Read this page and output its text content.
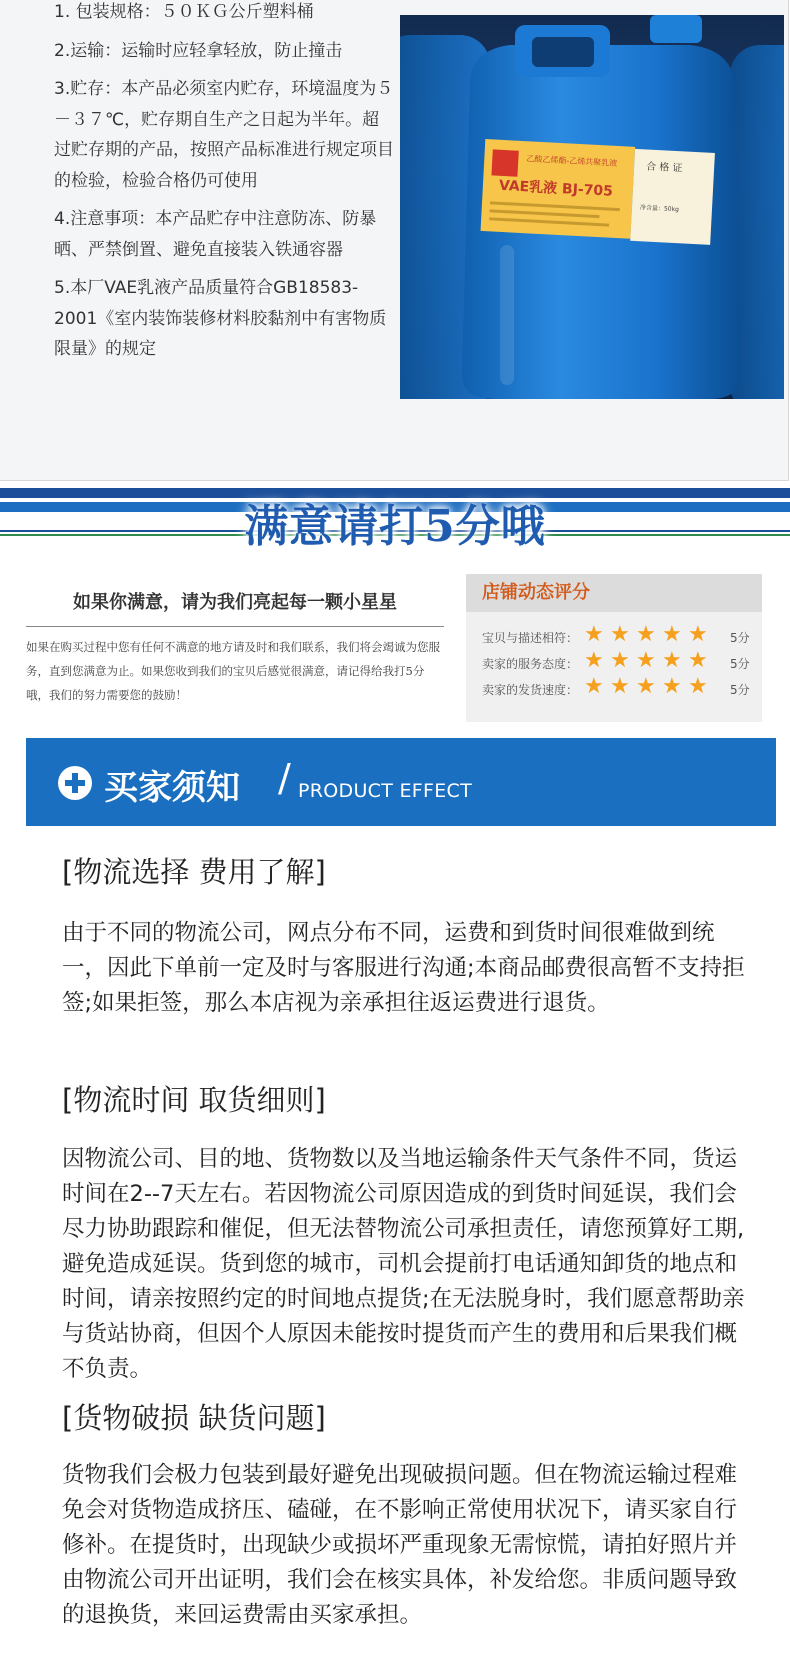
1. 包装规格：５０ＫＧ公斤塑料桶

2.运输：运输时应轻拿轻放，防止撞击

3.贮存：本产品必须室内贮存，环境温度为５－３７℃，贮存期自生产之日起为半年。超过贮存期的产品，按照产品标准进行规定项目的检验，检验合格仍可使用

4.注意事项：本产品贮存中注意防冻、防暴晒、严禁倒置、避免直接装入铁通容器

5.本厂VAE乳液产品质量符合GB18583-2001《室内装饰装修材料胶黏剂中有害物质限量》的规定

乙酸乙烯酯-乙烯共聚乳液
VAE乳液 BJ-705
合 格 证
净含量：50kg
满意请打5分哦
如果你满意，请为我们亮起每一颗小星星
如果在购买过程中您有任何不满意的地方请及时和我们联系，我们将会竭诚为您服务，直到您满意为止。如果您收到我们的宝贝后感觉很满意，请记得给我打5分哦，我们的努力需要您的鼓励！
店铺动态评分
宝贝与描述相符： ★ ★ ★ ★ ★	5分
卖家的服务态度： ★ ★ ★ ★ ★	5分
卖家的发货速度： ★ ★ ★ ★ ★	5分
买家须知 / PRODUCT EFFECT

[物流选择 费用了解]

由于不同的物流公司，网点分布不同，运费和到货时间很难做到统一，因此下单前一定及时与客服进行沟通;本商品邮费很高暂不支持拒签;如果拒签，那么本店视为亲承担往返运费进行退货。

[物流时间 取货细则]

因物流公司、目的地、货物数以及当地运输条件天气条件不同，货运时间在2--7天左右。若因物流公司原因造成的到货时间延误，我们会尽力协助跟踪和催促，但无法替物流公司承担责任，请您预算好工期,避免造成延误。货到您的城市，司机会提前打电话通知卸货的地点和时间，请亲按照约定的时间地点提货;在无法脱身时，我们愿意帮助亲与货站协商，但因个人原因未能按时提货而产生的费用和后果我们概不负责。

[货物破损 缺货问题]

货物我们会极力包装到最好避免出现破损问题。但在物流运输过程难免会对货物造成挤压、磕碰，在不影响正常使用状况下，请买家自行修补。在提货时，出现缺少或损坏严重现象无需惊慌，请拍好照片并由物流公司开出证明，我们会在核实具体，补发给您。非质问题导致的退换货，来回运费需由买家承担。
